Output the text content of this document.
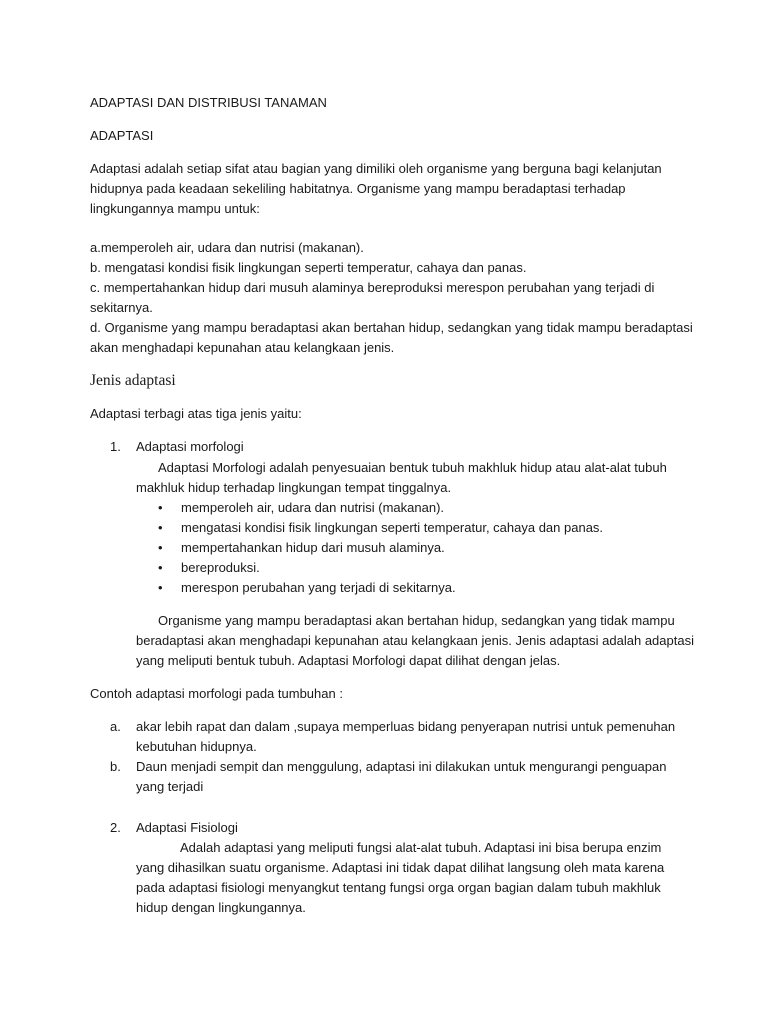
ADAPTASI DAN DISTRIBUSI TANAMAN
ADAPTASI
Adaptasi adalah setiap sifat atau bagian yang dimiliki oleh organisme yang berguna bagi kelanjutan
hidupnya pada keadaan sekeliling habitatnya. Organisme yang mampu beradaptasi terhadap
lingkungannya mampu untuk:
a.memperoleh air, udara dan nutrisi (makanan).
b. mengatasi kondisi fisik lingkungan seperti temperatur, cahaya dan panas.
c. mempertahankan hidup dari musuh alaminya bereproduksi merespon perubahan yang terjadi di
sekitarnya.
d. Organisme yang mampu beradaptasi akan bertahan hidup, sedangkan yang tidak mampu beradaptasi
akan menghadapi kepunahan atau kelangkaan jenis.
Jenis adaptasi
Adaptasi terbagi atas tiga jenis yaitu:
1. Adaptasi morfologi
Adaptasi Morfologi adalah penyesuaian bentuk tubuh makhluk hidup atau alat-alat tubuh
makhluk hidup terhadap lingkungan tempat tinggalnya.
• memperoleh air, udara dan nutrisi (makanan).
• mengatasi kondisi fisik lingkungan seperti temperatur, cahaya dan panas.
• mempertahankan hidup dari musuh alaminya.
• bereproduksi.
• merespon perubahan yang terjadi di sekitarnya.
Organisme yang mampu beradaptasi akan bertahan hidup, sedangkan yang tidak mampu
beradaptasi akan menghadapi kepunahan atau kelangkaan jenis. Jenis adaptasi adalah adaptasi
yang meliputi bentuk tubuh. Adaptasi Morfologi dapat dilihat dengan jelas.
Contoh adaptasi morfologi pada tumbuhan :
a. akar lebih rapat dan dalam ,supaya memperluas bidang penyerapan nutrisi untuk pemenuhan
kebutuhan hidupnya.
b. Daun menjadi sempit dan menggulung, adaptasi ini dilakukan untuk mengurangi penguapan
yang terjadi
2. Adaptasi Fisiologi
Adalah adaptasi yang meliputi fungsi alat-alat tubuh. Adaptasi ini bisa berupa enzim
yang dihasilkan suatu organisme. Adaptasi ini tidak dapat dilihat langsung oleh mata karena
pada adaptasi fisiologi menyangkut tentang fungsi orga organ bagian dalam tubuh makhluk
hidup dengan lingkungannya.
